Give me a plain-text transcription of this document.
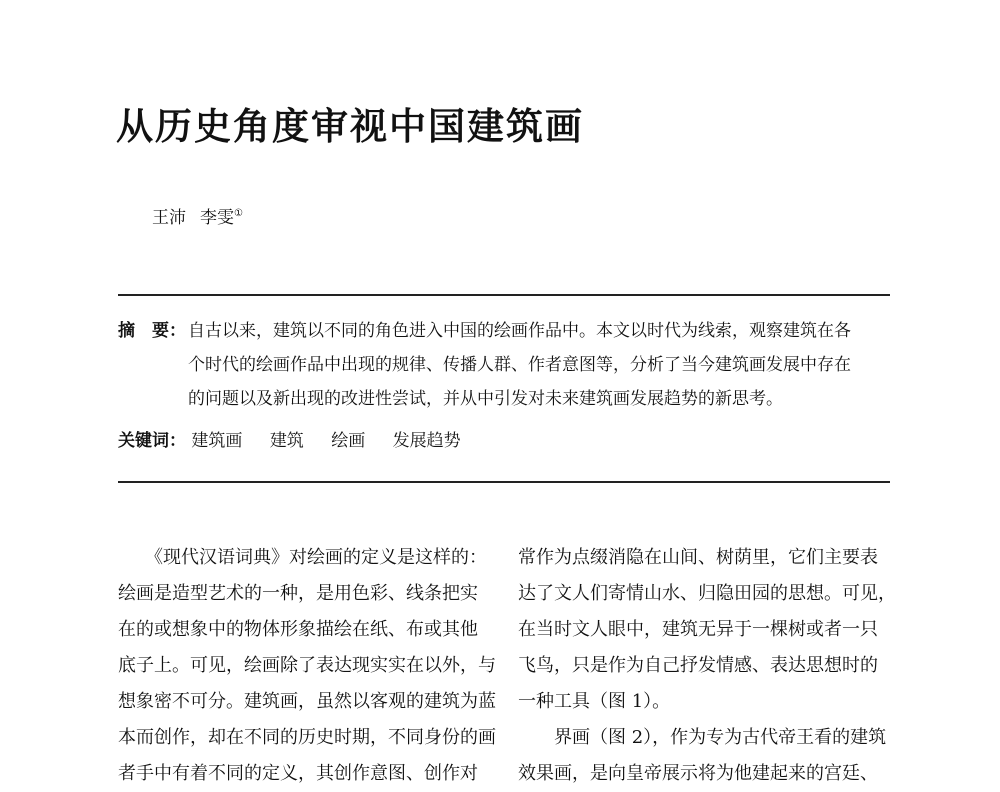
从历史角度审视中国建筑画
王沛 李雯①
摘　要： 自古以来，建筑以不同的角色进入中国的绘画作品中。本文以时代为线索，观察建筑在各
个时代的绘画作品中出现的规律、传播人群、作者意图等，分析了当今建筑画发展中存在
的问题以及新出现的改进性尝试，并从中引发对未来建筑画发展趋势的新思考。
关键词： 建筑画 建筑 绘画 发展趋势
　　《现代汉语词典》对绘画的定义是这样的：
绘画是造型艺术的一种，是用色彩、线条把实
在的或想象中的物体形象描绘在纸、布或其他
底子上。可见，绘画除了表达现实实在以外，与
想象密不可分。建筑画，虽然以客观的建筑为蓝
本而创作，却在不同的历史时期，不同身份的画
者手中有着不同的定义，其创作意图、创作对
常作为点缀消隐在山间、树荫里，它们主要表
达了文人们寄情山水、归隐田园的思想。可见，
在当时文人眼中，建筑无异于一棵树或者一只
飞鸟，只是作为自己抒发情感、表达思想时的
一种工具（图 1）。
　　界画（图 2），作为专为古代帝王看的建筑
效果画，是向皇帝展示将为他建起来的宫廷、
